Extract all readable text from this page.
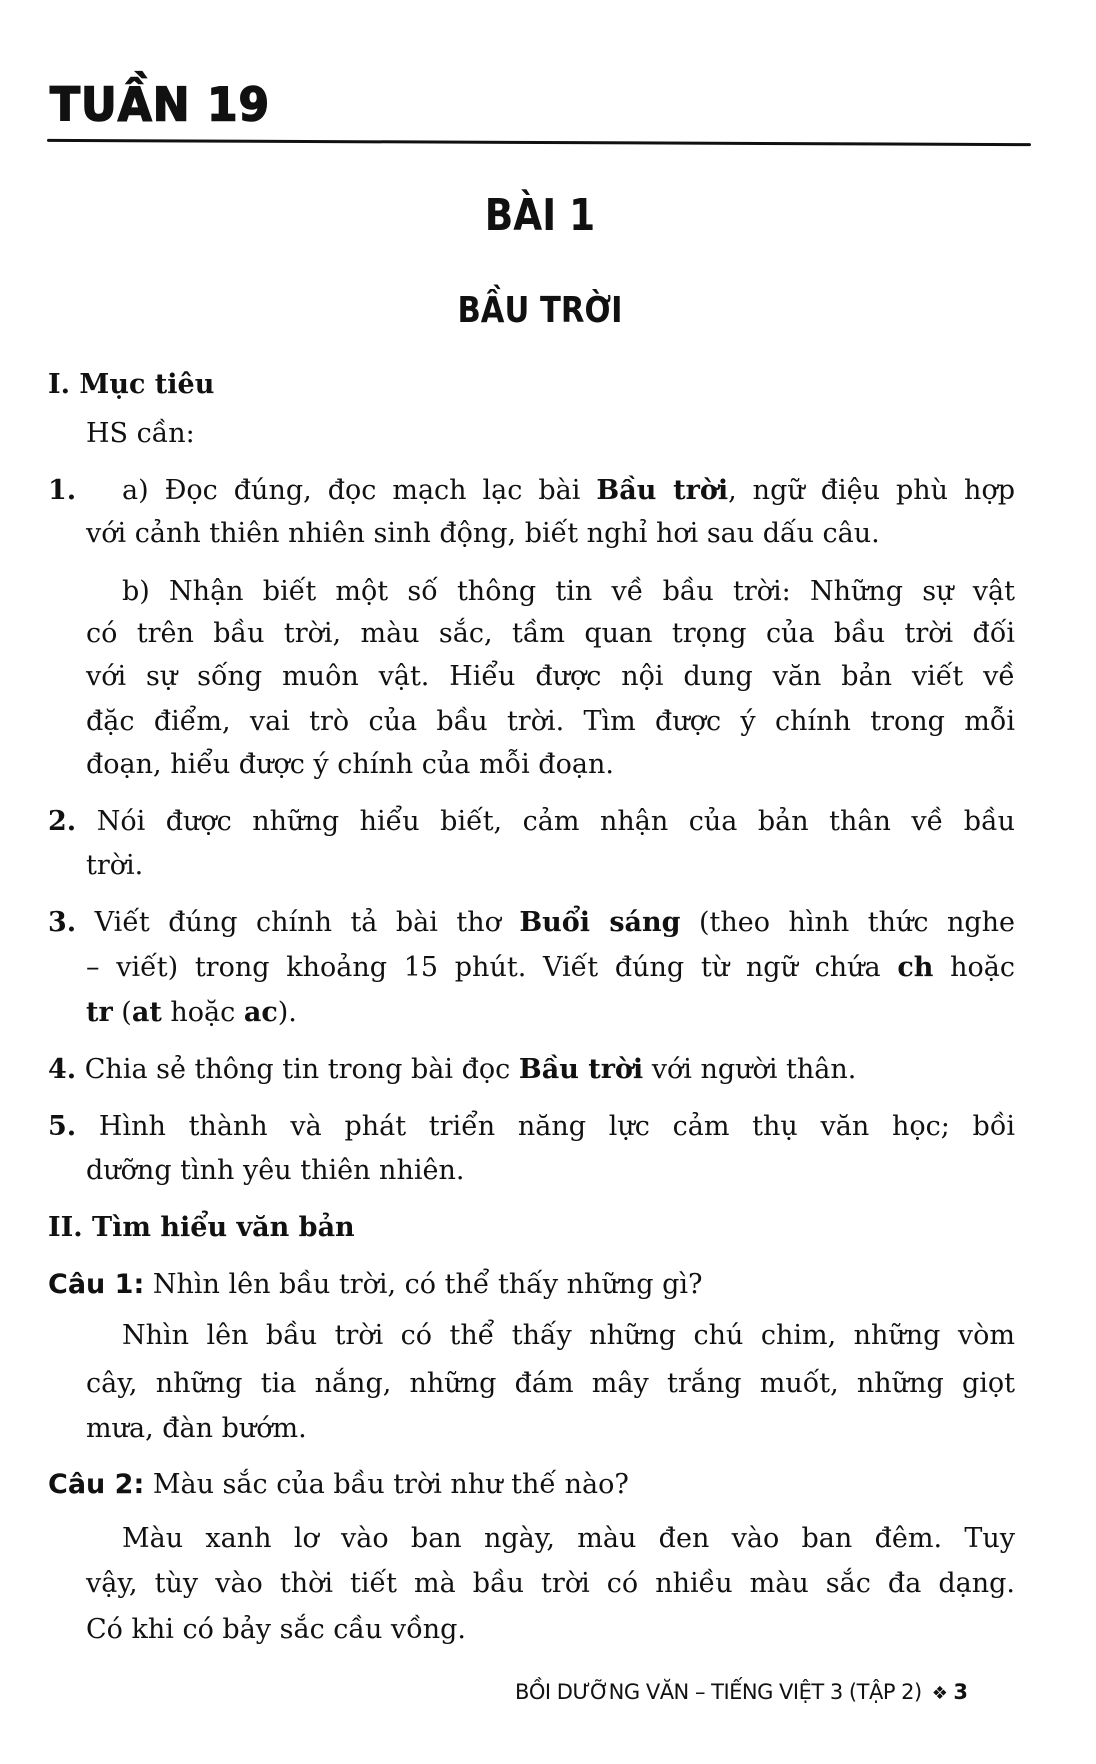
TUẦN 19
BÀI 1
BẦU TRỜI
I. Mục tiêu
HS cần:
a) Đọc đúng, đọc mạch lạc bài Bầu trời, ngữ điệu phù hợp
với cảnh thiên nhiên sinh động, biết nghỉ hơi sau dấu câu.
b) Nhận biết một số thông tin về bầu trời: Những sự vật
có trên bầu trời, màu sắc, tầm quan trọng của bầu trời đối
với sự sống muôn vật. Hiểu được nội dung văn bản viết về
đặc điểm, vai trò của bầu trời. Tìm được ý chính trong mỗi
đoạn, hiểu được ý chính của mỗi đoạn.
2. Nói được những hiểu biết, cảm nhận của bản thân về bầu
trời.
3. Viết đúng chính tả bài thơ Buổi sáng (theo hình thức nghe
– viết) trong khoảng 15 phút. Viết đúng từ ngữ chứa ch hoặc
tr (at hoặc ac).
4. Chia sẻ thông tin trong bài đọc Bầu trời với người thân.
5. Hình thành và phát triển năng lực cảm thụ văn học; bồi
dưỡng tình yêu thiên nhiên.
II. Tìm hiểu văn bản
Câu 1: Nhìn lên bầu trời, có thể thấy những gì?
Nhìn lên bầu trời có thể thấy những chú chim, những vòm
cây, những tia nắng, những đám mây trắng muốt, những giọt
mưa, đàn bướm.
Câu 2: Màu sắc của bầu trời như thế nào?
Màu xanh lơ vào ban ngày, màu đen vào ban đêm. Tuy
vậy, tùy vào thời tiết mà bầu trời có nhiều màu sắc đa dạng.
Có khi có bảy sắc cầu vồng.
1.
BỒI DƯỠNG VĂN – TIẾNG VIỆT 3 (TẬP 2) ❖ 3
